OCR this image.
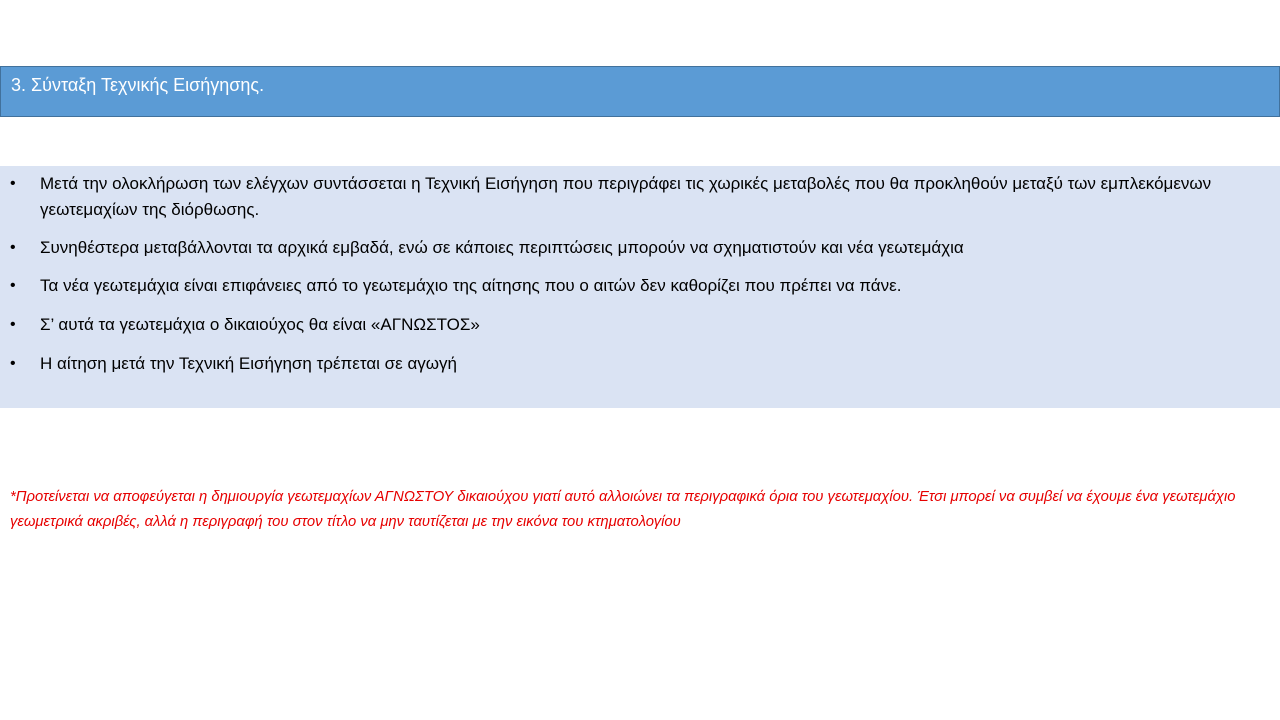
3. Σύνταξη Τεχνικής Εισήγησης.
• Μετά την ολοκλήρωση των ελέγχων συντάσσεται η Τεχνική Εισήγηση που περιγράφει τις χωρικές μεταβολές που θα προκληθούν μεταξύ των εμπλεκόμενων γεωτεμαχίων της διόρθωσης.
• Συνηθέστερα μεταβάλλονται τα αρχικά εμβαδά, ενώ σε κάποιες περιπτώσεις μπορούν να σχηματιστούν και νέα γεωτεμάχια
• Τα νέα γεωτεμάχια είναι επιφάνειες από το γεωτεμάχιο της αίτησης που ο αιτών δεν καθορίζει που πρέπει να πάνε.
• Σ’ αυτά τα γεωτεμάχια ο δικαιούχος θα είναι «ΑΓΝΩΣΤΟΣ»
• Η αίτηση μετά την Τεχνική Εισήγηση τρέπεται σε αγωγή

*Προτείνεται να αποφεύγεται η δημιουργία γεωτεμαχίων ΑΓΝΩΣΤΟΥ δικαιούχου γιατί αυτό αλλοιώνει τα περιγραφικά όρια του γεωτεμαχίου. Έτσι μπορεί να συμβεί να έχουμε ένα γεωτεμάχιο γεωμετρικά ακριβές, αλλά η περιγραφή του στον τίτλο να μην ταυτίζεται με την εικόνα του κτηματολογίου
